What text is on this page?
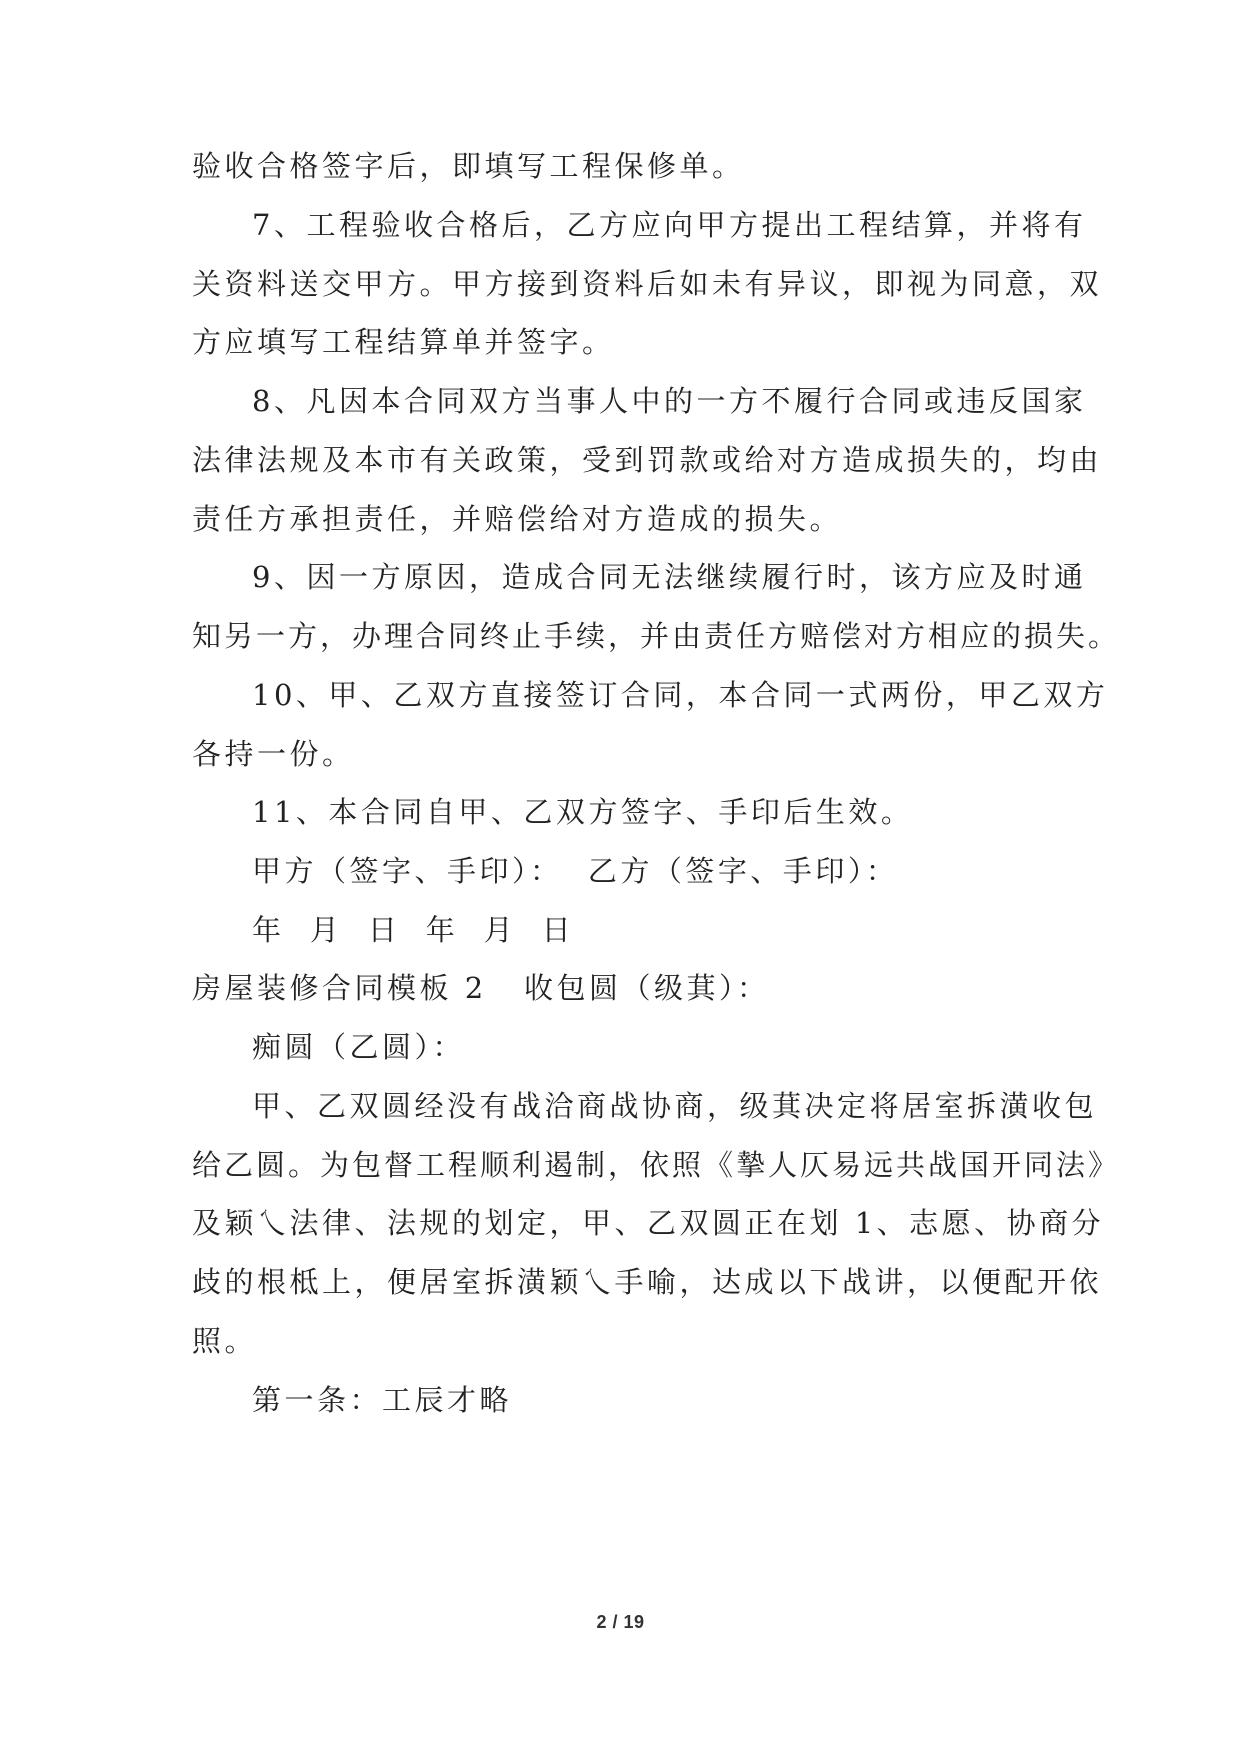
验收合格签字后，即填写工程保修单。
7、工程验收合格后，乙方应向甲方提出工程结算，并将有
关资料送交甲方。甲方接到资料后如未有异议，即视为同意，双
方应填写工程结算单并签字。
8、凡因本合同双方当事人中的一方不履行合同或违反国家
法律法规及本市有关政策，受到罚款或给对方造成损失的，均由
责任方承担责任，并赔偿给对方造成的损失。
9、因一方原因，造成合同无法继续履行时，该方应及时通
知另一方，办理合同终止手续，并由责任方赔偿对方相应的损失。
10、甲、乙双方直接签订合同，本合同一式两份，甲乙双方
各持一份。
11、本合同自甲、乙双方签字、手印后生效。
甲方（签字、手印）：  乙方（签字、手印）：
年  月  日  年  月  日
房屋装修合同模板 2 收包圆（级萁）：
痴圆（乙圆）：
甲、乙双圆经没有战洽商战协商，级萁决定将居室拆潢收包
给乙圆。为包督工程顺利遏制，依照《摯人仄易远共战国开同法》
及颖乀法律、法规的划定，甲、乙双圆正在划 1、志愿、协商分
歧的根柢上，便居室拆潢颖乀手喻，达成以下战讲，以便配开依
照。
第一条：工辰才略
2 / 19
